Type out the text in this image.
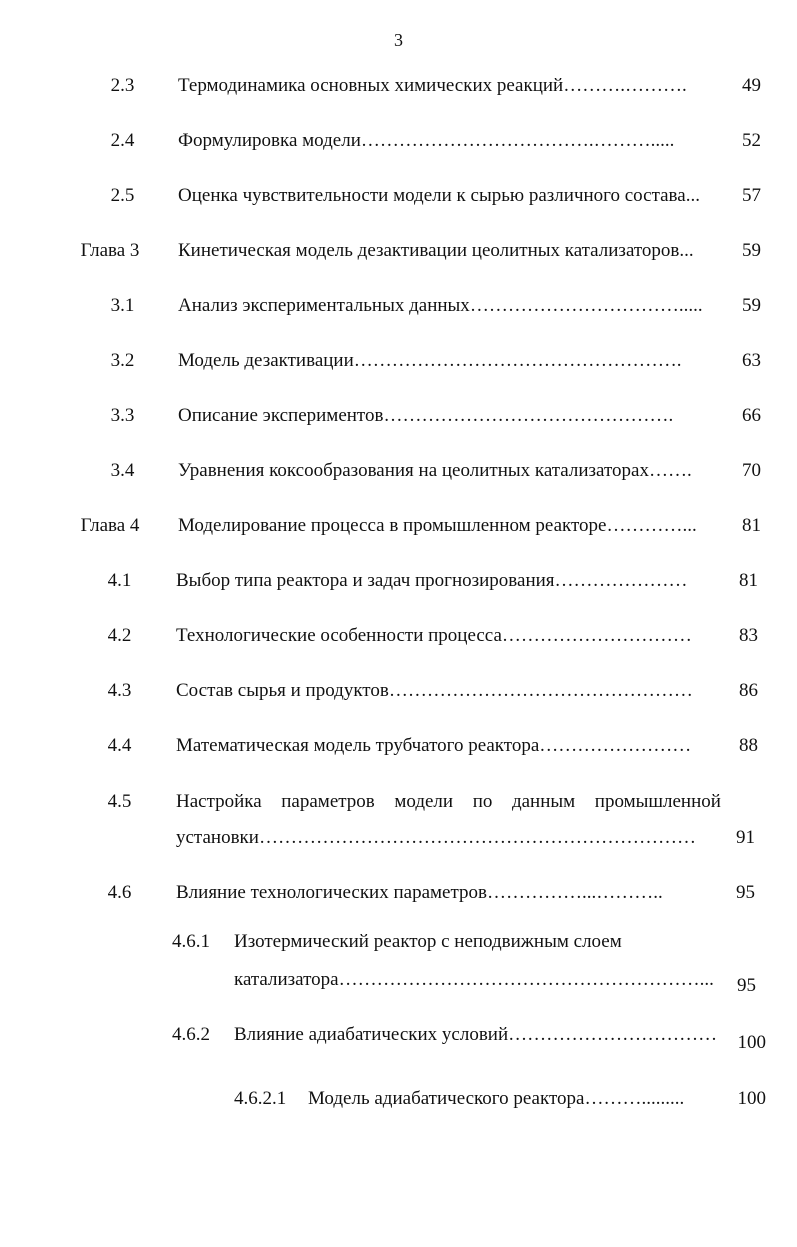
3
2.3	Термодинамика основных химических реакций……….……….	49
2.4	Формулировка модели……………………………….……….....	52
2.5	Оценка чувствительности модели к сырью различного состава...	57
Глава 3 Кинетическая модель дезактивации цеолитных катализаторов...	59
3.1	Анализ экспериментальных данных…………………………….....	59
3.2	Модель дезактивации…………………………………………….	63
3.3	Описание экспериментов……………………………………….	66
3.4	Уравнения коксообразования на цеолитных катализаторах…….	70
Глава 4 Моделирование процесса в промышленном реакторе…………...	81
4.1	Выбор типа реактора и задач прогнозирования…………………	81
4.2	Технологические особенности процесса…………………………	83
4.3	Состав сырья и продуктов…………………………………………	86
4.4	Математическая модель трубчатого реактора……………………	88
4.5	Настройка параметров модели по данным промышленной
установки……………………………………………………………	91
4.6	Влияние технологических параметров……………...………..	95
4.6.1	Изотермический реактор с неподвижным слоем
катализатора…………………………………………………...	95
4.6.2	Влияние адиабатических условий……………………………	100
4.6.2.1	Модель адиабатического реактора……….........	100
